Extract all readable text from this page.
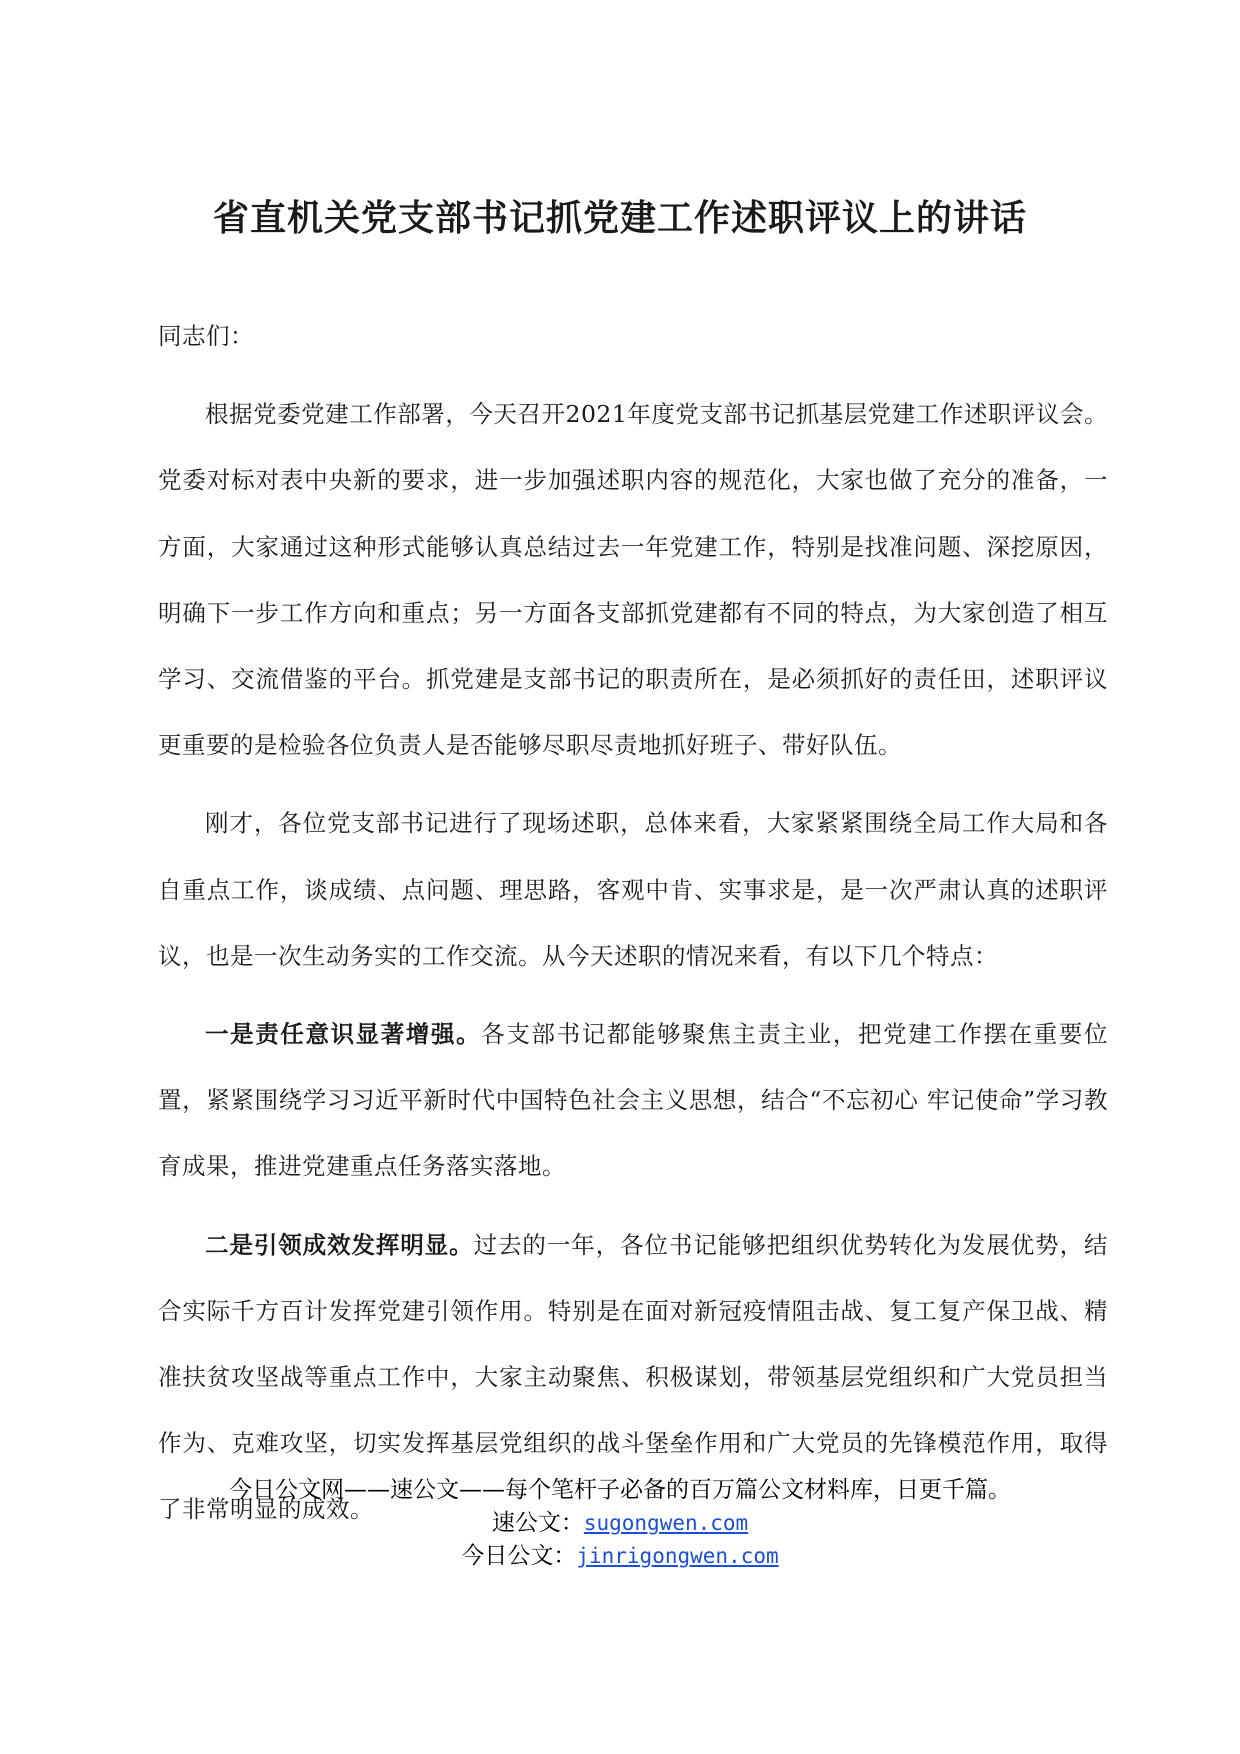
省直机关党支部书记抓党建工作述职评议上的讲话

同志们：

根据党委党建工作部署，今天召开2021年度党支部书记抓基层党建工作述职评议会。党委对标对表中央新的要求，进一步加强述职内容的规范化，大家也做了充分的准备，一方面，大家通过这种形式能够认真总结过去一年党建工作，特别是找准问题、深挖原因，明确下一步工作方向和重点；另一方面各支部抓党建都有不同的特点，为大家创造了相互学习、交流借鉴的平台。抓党建是支部书记的职责所在，是必须抓好的责任田，述职评议更重要的是检验各位负责人是否能够尽职尽责地抓好班子、带好队伍。

刚才，各位党支部书记进行了现场述职，总体来看，大家紧紧围绕全局工作大局和各自重点工作，谈成绩、点问题、理思路，客观中肯、实事求是，是一次严肃认真的述职评议，也是一次生动务实的工作交流。从今天述职的情况来看，有以下几个特点：

一是责任意识显著增强。各支部书记都能够聚焦主责主业，把党建工作摆在重要位置，紧紧围绕学习习近平新时代中国特色社会主义思想，结合“不忘初心 牢记使命”学习教育成果，推进党建重点任务落实落地。

二是引领成效发挥明显。过去的一年，各位书记能够把组织优势转化为发展优势，结合实际千方百计发挥党建引领作用。特别是在面对新冠疫情阻击战、复工复产保卫战、精准扶贫攻坚战等重点工作中，大家主动聚焦、积极谋划，带领基层党组织和广大党员担当作为、克难攻坚，切实发挥基层党组织的战斗堡垒作用和广大党员的先锋模范作用，取得了非常明显的成效。

今日公文网——速公文——每个笔杆子必备的百万篇公文材料库，日更千篇。
速公文：sugongwen.com
今日公文：jinrigongwen.com
